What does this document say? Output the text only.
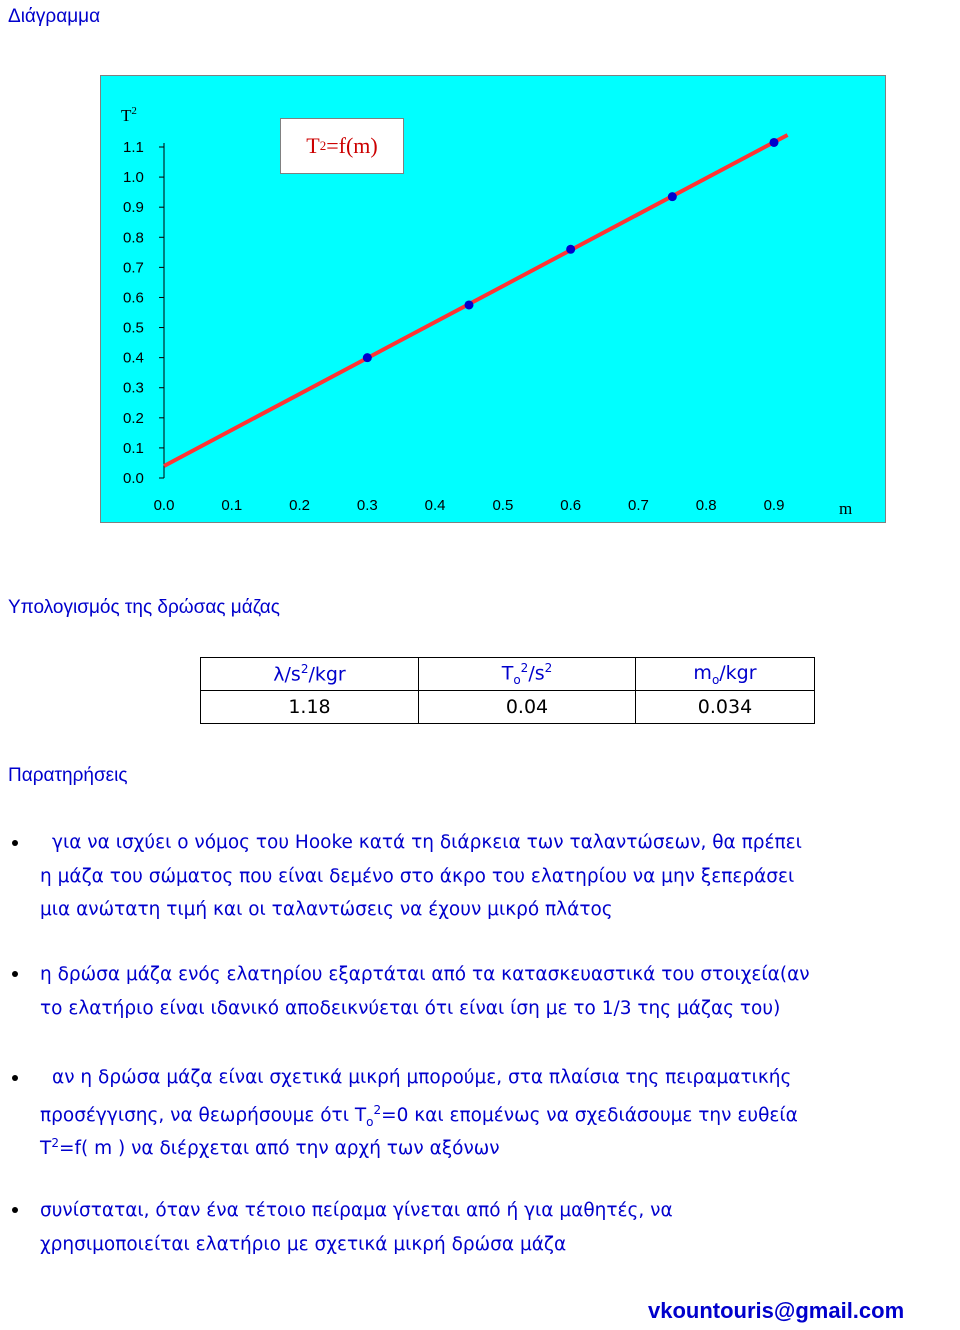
Διάγραμμα
0.0
0.1
0.2
0.3
0.4
0.5
0.6
0.7
0.8
0.9
1.0
1.1
0.0	0.1	0.2	0.3	0.4	0.5	0.6	0.7	0.8	0.9
$T^2$
m
T 2 =f(m)
Υπολογισμός της δρώσας μάζας
$\lambda/s^2$/kgr	$T_o^2/s^2$	$m_o$/kgr
1.18	0.04	0.034
Παρατηρήσεις
για να ισχύει ο νόμος του Hooke κατά τη διάρκεια των ταλαντώσεων, θα πρέπει
η μάζα του σώματος που είναι δεμένο στο άκρο του ελατηρίου να μην ξεπεράσει
μια ανώτατη τιμή και οι ταλαντώσεις να έχουν μικρό πλάτος
η δρώσα μάζα ενός ελατηρίου εξαρτάται από τα κατασκευαστικά του στοιχεία(αν
το ελατήριο είναι ιδανικό αποδεικνύεται ότι είναι ίση με το 1/3 της μάζας του)
αν η δρώσα μάζα είναι σχετικά μικρή μπορούμε, στα πλαίσια της πειραματικής
προσέγγισης, να θεωρήσουμε ότι $T_o^2=0$ και επομένως να σχεδιάσουμε την ευθεία
$T^2=f$( m ) να διέρχεται από την αρχή των αξόνων
συνίσταται, όταν ένα τέτοιο πείραμα γίνεται από ή για μαθητές, να
χρησιμοποιείται ελατήριο με σχετικά μικρή δρώσα μάζα
vkountouris@gmail.com
